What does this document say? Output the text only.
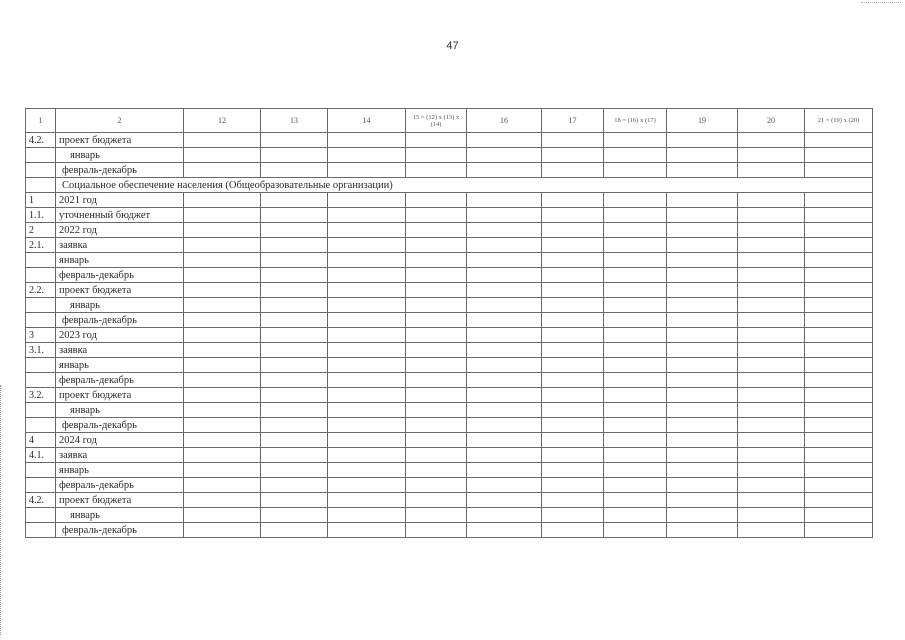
47
1	2	12	13	14	15 = (12) x (13) x (14)	16	17	18 = (16) x (17)	19	20	21 = (19) x (20)
4.2.	проект бюджета										
	январь										
	февраль-декабрь										
	Социальное обеспечение населения (Общеобразовательные организации)										
1	2021 год										
1.1.	уточненный бюджет										
2	2022 год										
2.1.	заявка										
	январь										
	февраль-декабрь										
2.2.	проект бюджета										
	январь										
	февраль-декабрь										
3	2023 год										
3.1.	заявка										
	январь										
	февраль-декабрь										
3.2.	проект бюджета										
	январь										
	февраль-декабрь										
4	2024 год										
4.1.	заявка										
	январь										
	февраль-декабрь										
4.2.	проект бюджета										
	январь										
	февраль-декабрь										
